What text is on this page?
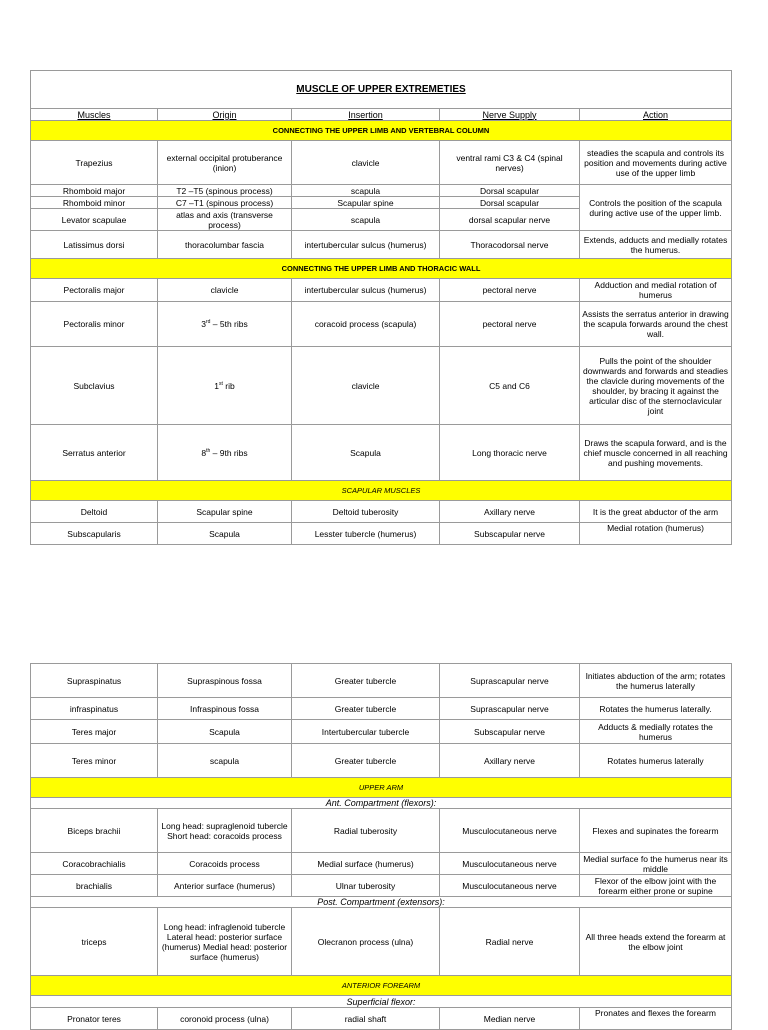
MUSCLE OF UPPER EXTREMETIES				
Muscles	Origin	Insertion	Nerve Supply	Action
CONNECTING THE UPPER LIMB AND VERTEBRAL COLUMN				
Trapezius	external occipital protuberance (inion)	clavicle	ventral rami C3 & C4 (spinal nerves)	steadies the scapula and controls its position and movements during active use of the upper limb
Rhomboid major	T2 –T5 (spinous process)	scapula	Dorsal scapular	Controls the position of the scapula during active use of the upper limb.
Rhomboid minor	C7 –T1 (spinous process)	Scapular spine	Dorsal scapular	
Levator scapulae	atlas and axis (transverse process)	scapula	dorsal scapular nerve	
Latissimus dorsi	thoracolumbar fascia	intertubercular sulcus (humerus)	Thoracodorsal nerve	Extends, adducts and medially rotates the humerus.
CONNECTING THE UPPER LIMB AND THORACIC WALL				
Pectoralis major	clavicle	intertubercular sulcus (humerus)	pectoral nerve	Adduction and medial rotation of humerus
Pectoralis minor	3rd – 5th ribs	coracoid process (scapula)	pectoral nerve	Assists the serratus anterior in drawing the scapula forwards around the chest wall.
Subclavius	1st rib	clavicle	C5 and C6	Pulls the point of the shoulder downwards and forwards and steadies the clavicle during movements of the shoulder, by bracing it against the articular disc of the sternoclavicular joint
Serratus anterior	8th – 9th ribs	Scapula	Long thoracic nerve	Draws the scapula forward, and is the chief muscle concerned in all reaching and pushing movements.
SCAPULAR MUSCLES				
Deltoid	Scapular spine	Deltoid tuberosity	Axillary nerve	It is the great abductor of the arm
Subscapularis	Scapula	Lesster tubercle (humerus)	Subscapular nerve	Medial rotation (humerus)
Supraspinatus	Supraspinous fossa	Greater tubercle	Suprascapular nerve	Initiates abduction of the arm; rotates the humerus laterally
infraspinatus	Infraspinous fossa	Greater tubercle	Suprascapular nerve	Rotates the humerus laterally.
Teres major	Scapula	Intertubercular tubercle	Subscapular nerve	Adducts & medially rotates the humerus
Teres minor	scapula	Greater tubercle	Axillary nerve	Rotates humerus laterally
UPPER ARM				
Ant. Compartment (flexors):				
Biceps brachii	Long head: supraglenoid tubercle Short head: coracoids process	Radial tuberosity	Musculocutaneous nerve	Flexes and supinates the forearm
Coracobrachialis	Coracoids process	Medial surface (humerus)	Musculocutaneous nerve	Medial surface fo the humerus near its middle
brachialis	Anterior surface (humerus)	Ulnar tuberosity	Musculocutaneous nerve	Flexor of the elbow joint with the forearm either prone or supine
Post. Compartment (extensors):				
triceps	Long head: infraglenoid tubercle Lateral head: posterior surface (humerus) Medial head: posterior surface (humerus)	Olecranon process (ulna)	Radial nerve	All three heads extend the forearm at the elbow joint
ANTERIOR FOREARM				
Superficial flexor:				
Pronator teres	coronoid process (ulna)	radial shaft	Median nerve	Pronates and flexes the forearm
